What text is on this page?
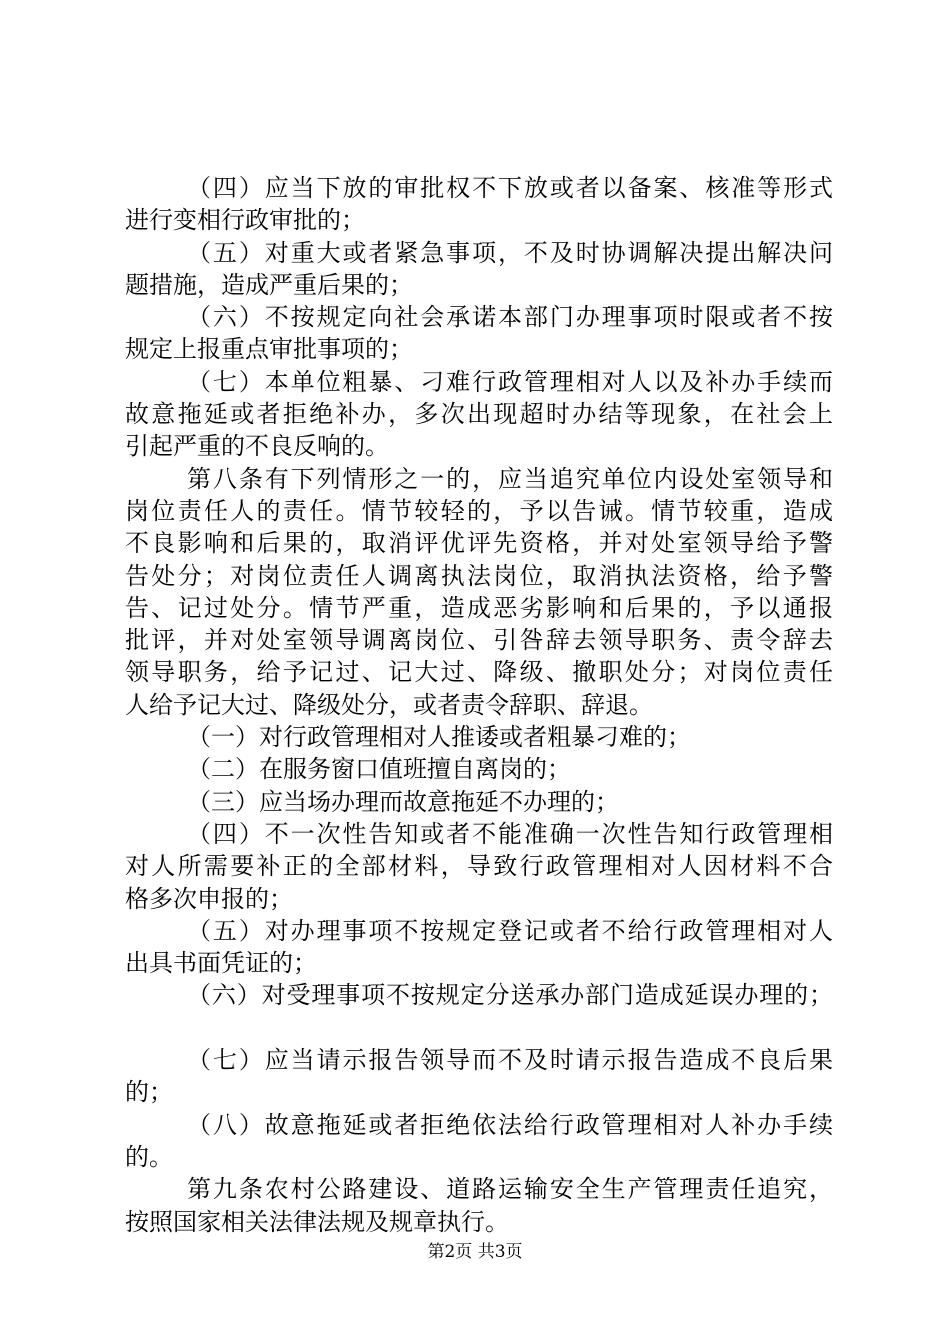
（四）应当下放的审批权不下放或者以备案、核准等形式
进行变相行政审批的；
（五）对重大或者紧急事项，不及时协调解决提出解决问
题措施，造成严重后果的；
（六）不按规定向社会承诺本部门办理事项时限或者不按
规定上报重点审批事项的；
（七）本单位粗暴、刁难行政管理相对人以及补办手续而
故意拖延或者拒绝补办，多次出现超时办结等现象，在社会上
引起严重的不良反响的。
第八条有下列情形之一的，应当追究单位内设处室领导和
岗位责任人的责任。情节较轻的，予以告诫。情节较重，造成
不良影响和后果的，取消评优评先资格，并对处室领导给予警
告处分；对岗位责任人调离执法岗位，取消执法资格，给予警
告、记过处分。情节严重，造成恶劣影响和后果的，予以通报
批评，并对处室领导调离岗位、引咎辞去领导职务、责令辞去
领导职务，给予记过、记大过、降级、撤职处分；对岗位责任
人给予记大过、降级处分，或者责令辞职、辞退。
（一）对行政管理相对人推诿或者粗暴刁难的；
（二）在服务窗口值班擅自离岗的；
（三）应当场办理而故意拖延不办理的；
（四）不一次性告知或者不能准确一次性告知行政管理相
对人所需要补正的全部材料，导致行政管理相对人因材料不合
格多次申报的；
（五）对办理事项不按规定登记或者不给行政管理相对人
出具书面凭证的；
（六）对受理事项不按规定分送承办部门造成延误办理的；
（七）应当请示报告领导而不及时请示报告造成不良后果
的；
（八）故意拖延或者拒绝依法给行政管理相对人补办手续
的。
第九条农村公路建设、道路运输安全生产管理责任追究，
按照国家相关法律法规及规章执行。
第2页 共3页
